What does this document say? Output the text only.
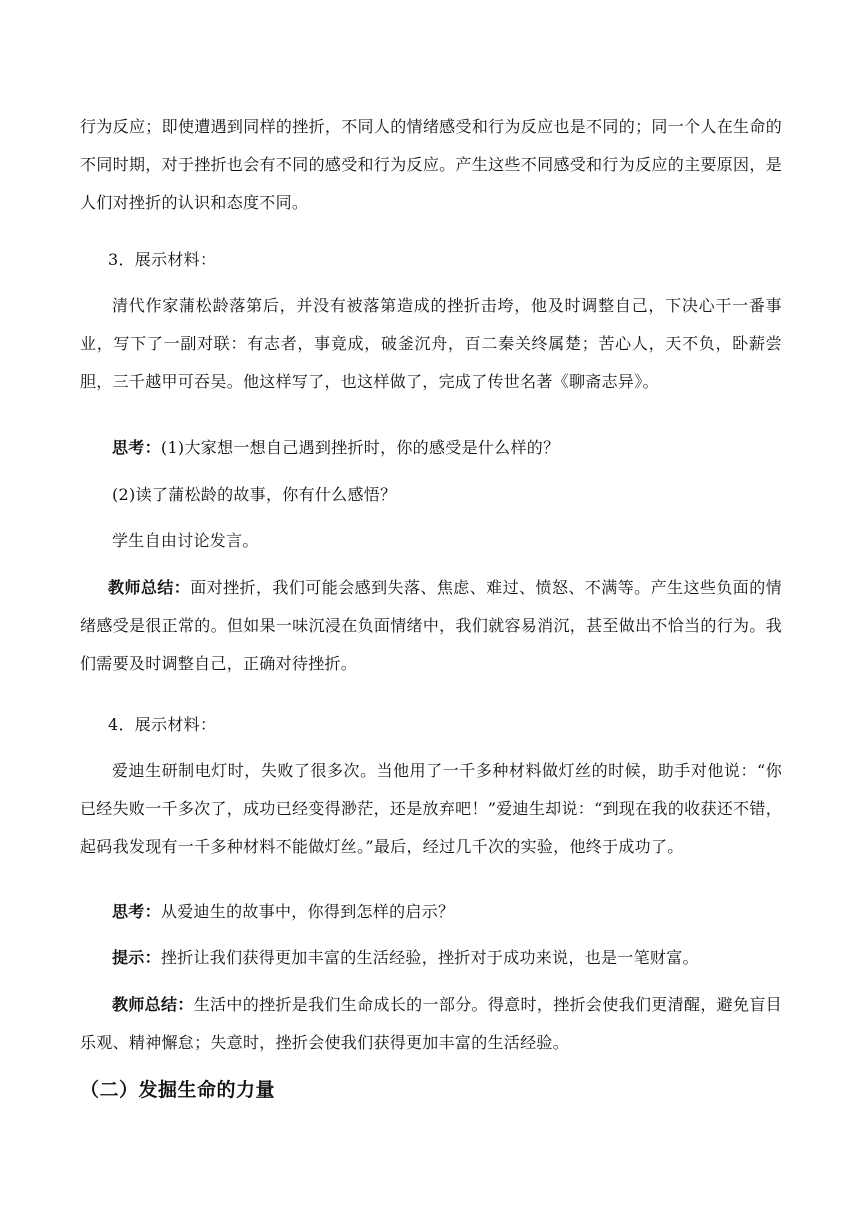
行为反应；即使遭遇到同样的挫折，不同人的情绪感受和行为反应也是不同的；同一个人在生命的不同时期，对于挫折也会有不同的感受和行为反应。产生这些不同感受和行为反应的主要原因，是人们对挫折的认识和态度不同。

3．展示材料：

清代作家蒲松龄落第后，并没有被落第造成的挫折击垮，他及时调整自己，下决心干一番事业，写下了一副对联：有志者，事竟成，破釜沉舟，百二秦关终属楚；苦心人，天不负，卧薪尝胆，三千越甲可吞吴。他这样写了，也这样做了，完成了传世名著《聊斋志异》。

思考：(1)大家想一想自己遇到挫折时，你的感受是什么样的？

(2)读了蒲松龄的故事，你有什么感悟？

学生自由讨论发言。

教师总结：面对挫折，我们可能会感到失落、焦虑、难过、愤怒、不满等。产生这些负面的情绪感受是很正常的。但如果一味沉浸在负面情绪中，我们就容易消沉，甚至做出不恰当的行为。我们需要及时调整自己，正确对待挫折。

4．展示材料：

爱迪生研制电灯时，失败了很多次。当他用了一千多种材料做灯丝的时候，助手对他说：“你已经失败一千多次了，成功已经变得渺茫，还是放弃吧！”爱迪生却说：“到现在我的收获还不错，起码我发现有一千多种材料不能做灯丝。”最后，经过几千次的实验，他终于成功了。

思考：从爱迪生的故事中，你得到怎样的启示？

提示：挫折让我们获得更加丰富的生活经验，挫折对于成功来说，也是一笔财富。

教师总结：生活中的挫折是我们生命成长的一部分。得意时，挫折会使我们更清醒，避免盲目乐观、精神懈怠；失意时，挫折会使我们获得更加丰富的生活经验。

（二）发掘生命的力量
